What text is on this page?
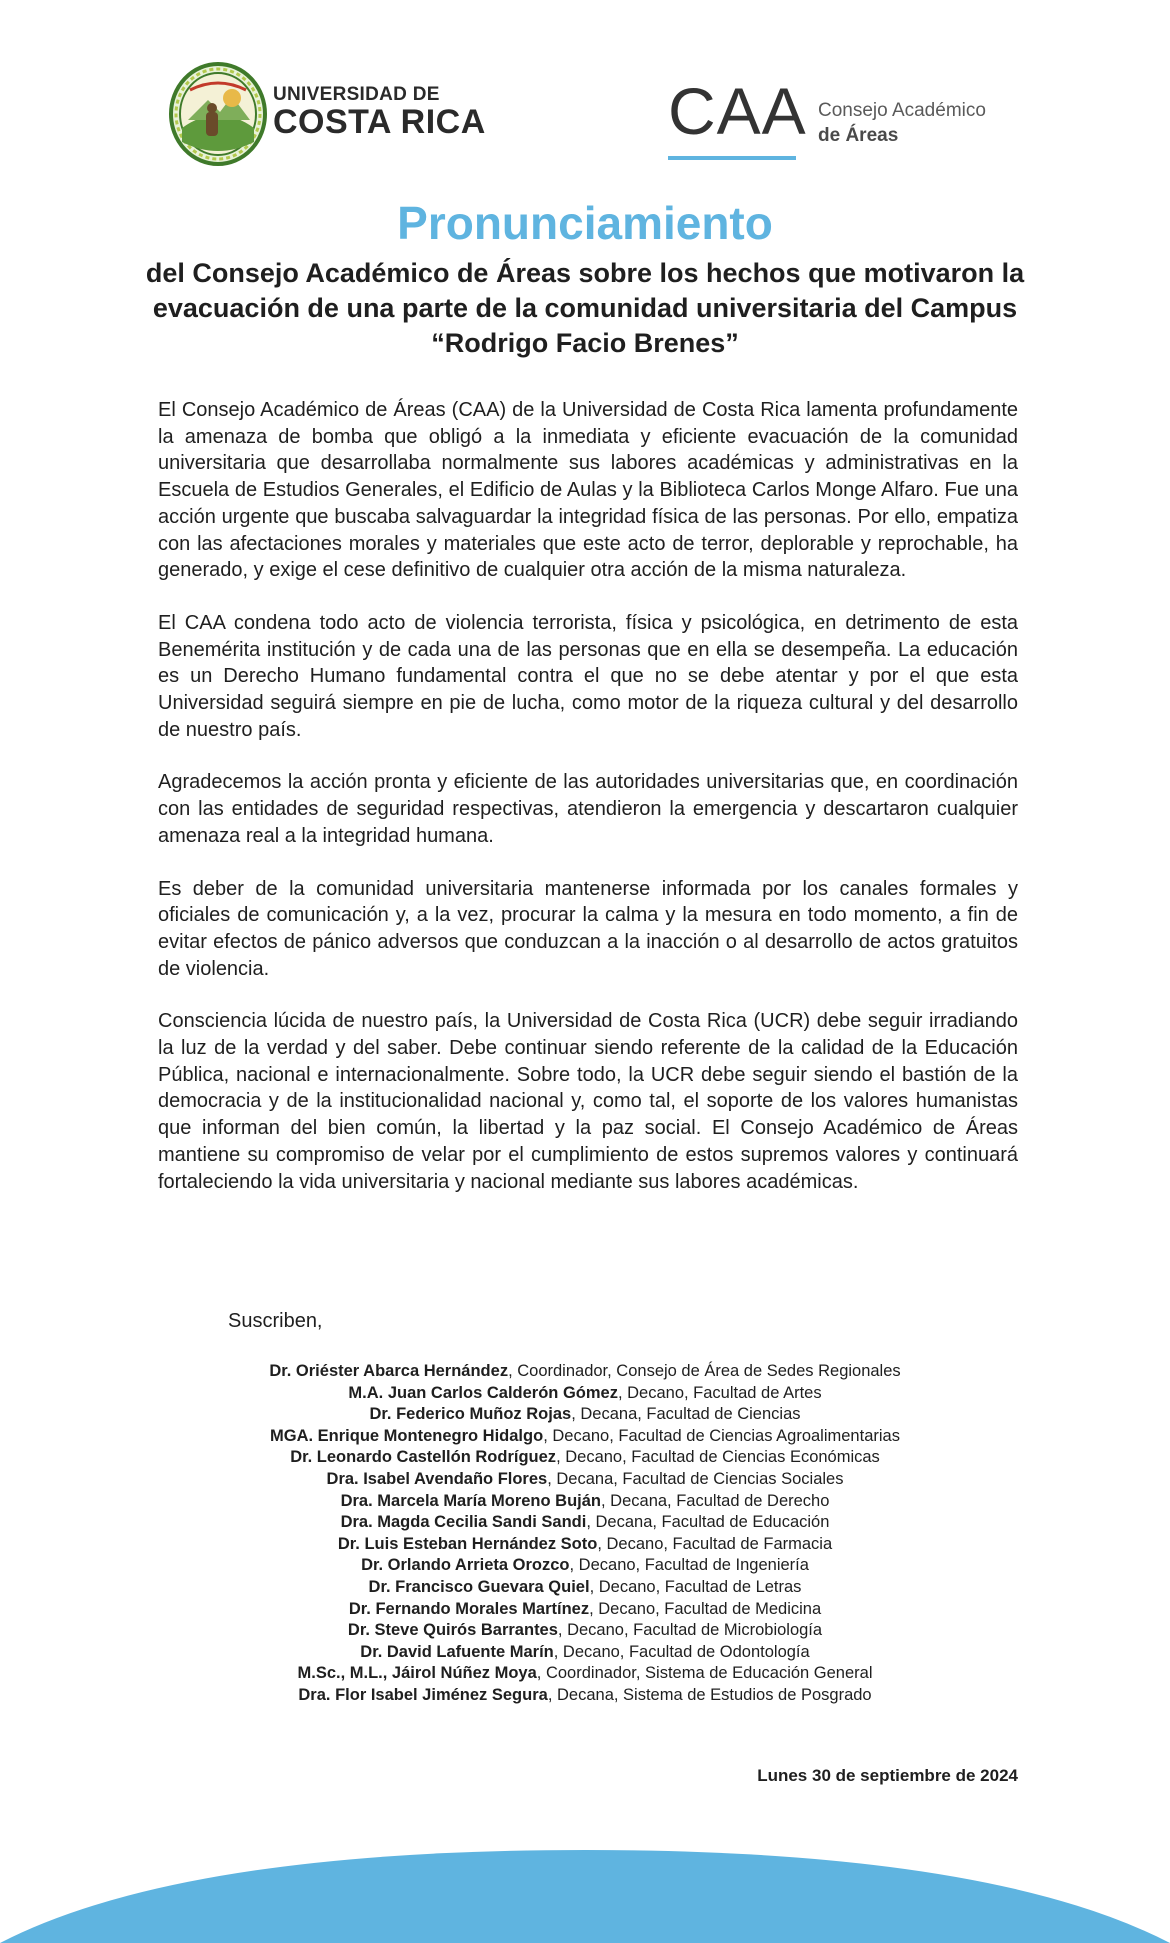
UNIVERSIDAD DE
COSTA RICA	CAA Consejo Académico
de Áreas
Pronunciamiento
del Consejo Académico de Áreas sobre los hechos que motivaron la evacuación de una parte de la comunidad universitaria del Campus “Rodrigo Facio Brenes”

El Consejo Académico de Áreas (CAA) de la Universidad de Costa Rica lamenta profundamente la amenaza de bomba que obligó a la inmediata y eficiente evacuación de la comunidad universitaria que desarrollaba normalmente sus labores académicas y administrativas en la Escuela de Estudios Generales, el Edificio de Aulas y la Biblioteca Carlos Monge Alfaro. Fue una acción urgente que buscaba salvaguardar la integridad física de las personas. Por ello, empatiza con las afectaciones morales y materiales que este acto de terror, deplorable y reprochable, ha generado, y exige el cese definitivo de cualquier otra acción de la misma naturaleza.

El CAA condena todo acto de violencia terrorista, física y psicológica, en detrimento de esta Benemérita institución y de cada una de las personas que en ella se desempeña. La educación es un Derecho Humano fundamental contra el que no se debe atentar y por el que esta Universidad seguirá siempre en pie de lucha, como motor de la riqueza cultural y del desarrollo de nuestro país.

Agradecemos la acción pronta y eficiente de las autoridades universitarias que, en coordinación con las entidades de seguridad respectivas, atendieron la emergencia y descartaron cualquier amenaza real a la integridad humana.

Es deber de la comunidad universitaria mantenerse informada por los canales formales y oficiales de comunicación y, a la vez, procurar la calma y la mesura en todo momento, a fin de evitar efectos de pánico adversos que conduzcan a la inacción o al desarrollo de actos gratuitos de violencia.

Consciencia lúcida de nuestro país, la Universidad de Costa Rica (UCR) debe seguir irradiando la luz de la verdad y del saber. Debe continuar siendo referente de la calidad de la Educación Pública, nacional e internacionalmente. Sobre todo, la UCR debe seguir siendo el bastión de la democracia y de la institucionalidad nacional y, como tal, el soporte de los valores humanistas que informan del bien común, la libertad y la paz social. El Consejo Académico de Áreas mantiene su compromiso de velar por el cumplimiento de estos supremos valores y continuará fortaleciendo la vida universitaria y nacional mediante sus labores académicas.

Suscriben,
Dr. Oriéster Abarca Hernández, Coordinador, Consejo de Área de Sedes Regionales
M.A. Juan Carlos Calderón Gómez, Decano, Facultad de Artes
Dr. Federico Muñoz Rojas, Decana, Facultad de Ciencias
MGA. Enrique Montenegro Hidalgo, Decano, Facultad de Ciencias Agroalimentarias
Dr. Leonardo Castellón Rodríguez, Decano, Facultad de Ciencias Económicas
Dra. Isabel Avendaño Flores, Decana, Facultad de Ciencias Sociales
Dra. Marcela María Moreno Buján, Decana, Facultad de Derecho
Dra. Magda Cecilia Sandi Sandi, Decana, Facultad de Educación
Dr. Luis Esteban Hernández Soto, Decano, Facultad de Farmacia
Dr. Orlando Arrieta Orozco, Decano, Facultad de Ingeniería
Dr. Francisco Guevara Quiel, Decano, Facultad de Letras
Dr. Fernando Morales Martínez, Decano, Facultad de Medicina
Dr. Steve Quirós Barrantes, Decano, Facultad de Microbiología
Dr. David Lafuente Marín, Decano, Facultad de Odontología
M.Sc., M.L., Jáirol Núñez Moya, Coordinador, Sistema de Educación General
Dra. Flor Isabel Jiménez Segura, Decana, Sistema de Estudios de Posgrado
Lunes 30 de septiembre de 2024
